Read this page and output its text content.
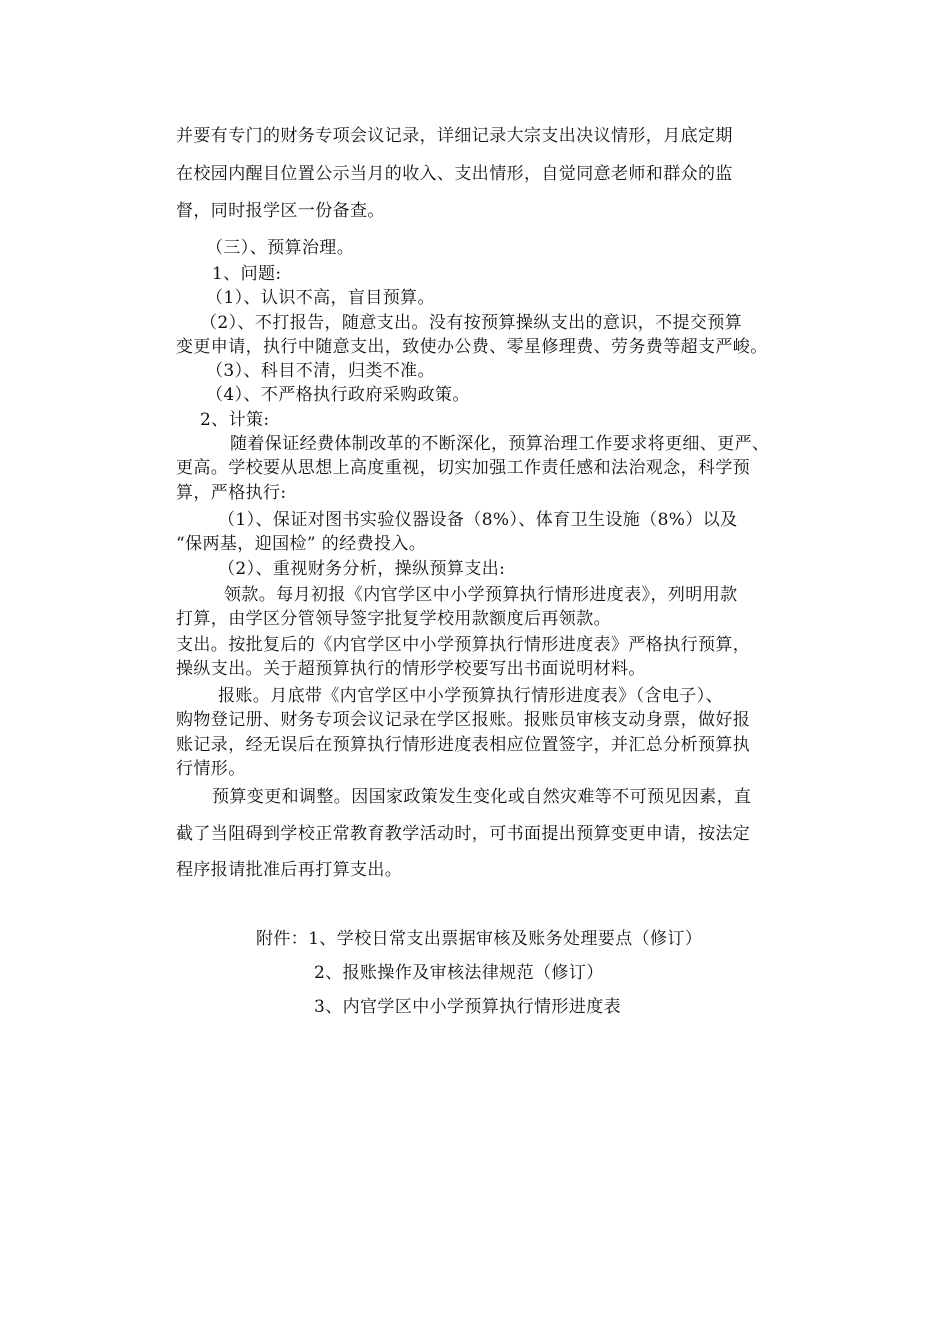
并要有专门的财务专项会议记录，详细记录大宗支出决议情形，月底定期
在校园内醒目位置公示当月的收入、支出情形，自觉同意老师和群众的监
督，同时报学区一份备查。
（三）、预算治理。
1、问题:
（1）、认识不高，盲目预算。
（2）、不打报告，随意支出。没有按预算操纵支出的意识，不提交预算
变更申请，执行中随意支出，致使办公费、零星修理费、劳务费等超支严峻。
（3）、科目不清，归类不准。
（4）、不严格执行政府采购政策。
2、计策:
随着保证经费体制改革的不断深化，预算治理工作要求将更细、更严、
更高。学校要从思想上高度重视，切实加强工作责任感和法治观念，科学预
算，严格执行:
（1）、保证对图书实验仪器设备（8%）、体育卫生设施（8%）以及
“保两基，迎国检” 的经费投入。
（2）、重视财务分析，操纵预算支出:
领款。每月初报《内官学区中小学预算执行情形进度表》，列明用款
打算，由学区分管领导签字批复学校用款额度后再领款。
支出。按批复后的《内官学区中小学预算执行情形进度表》严格执行预算，
操纵支出。关于超预算执行的情形学校要写出书面说明材料。
报账。月底带《内官学区中小学预算执行情形进度表》（含电子）、
购物登记册、财务专项会议记录在学区报账。报账员审核支动身票，做好报
账记录，经无误后在预算执行情形进度表相应位置签字，并汇总分析预算执
行情形。
预算变更和调整。因国家政策发生变化或自然灾难等不可预见因素，直
截了当阻碍到学校正常教育教学活动时，可书面提出预算变更申请，按法定
程序报请批准后再打算支出。
附件：1、学校日常支出票据审核及账务处理要点（修订）
2、报账操作及审核法律规范（修订）
3、内官学区中小学预算执行情形进度表
